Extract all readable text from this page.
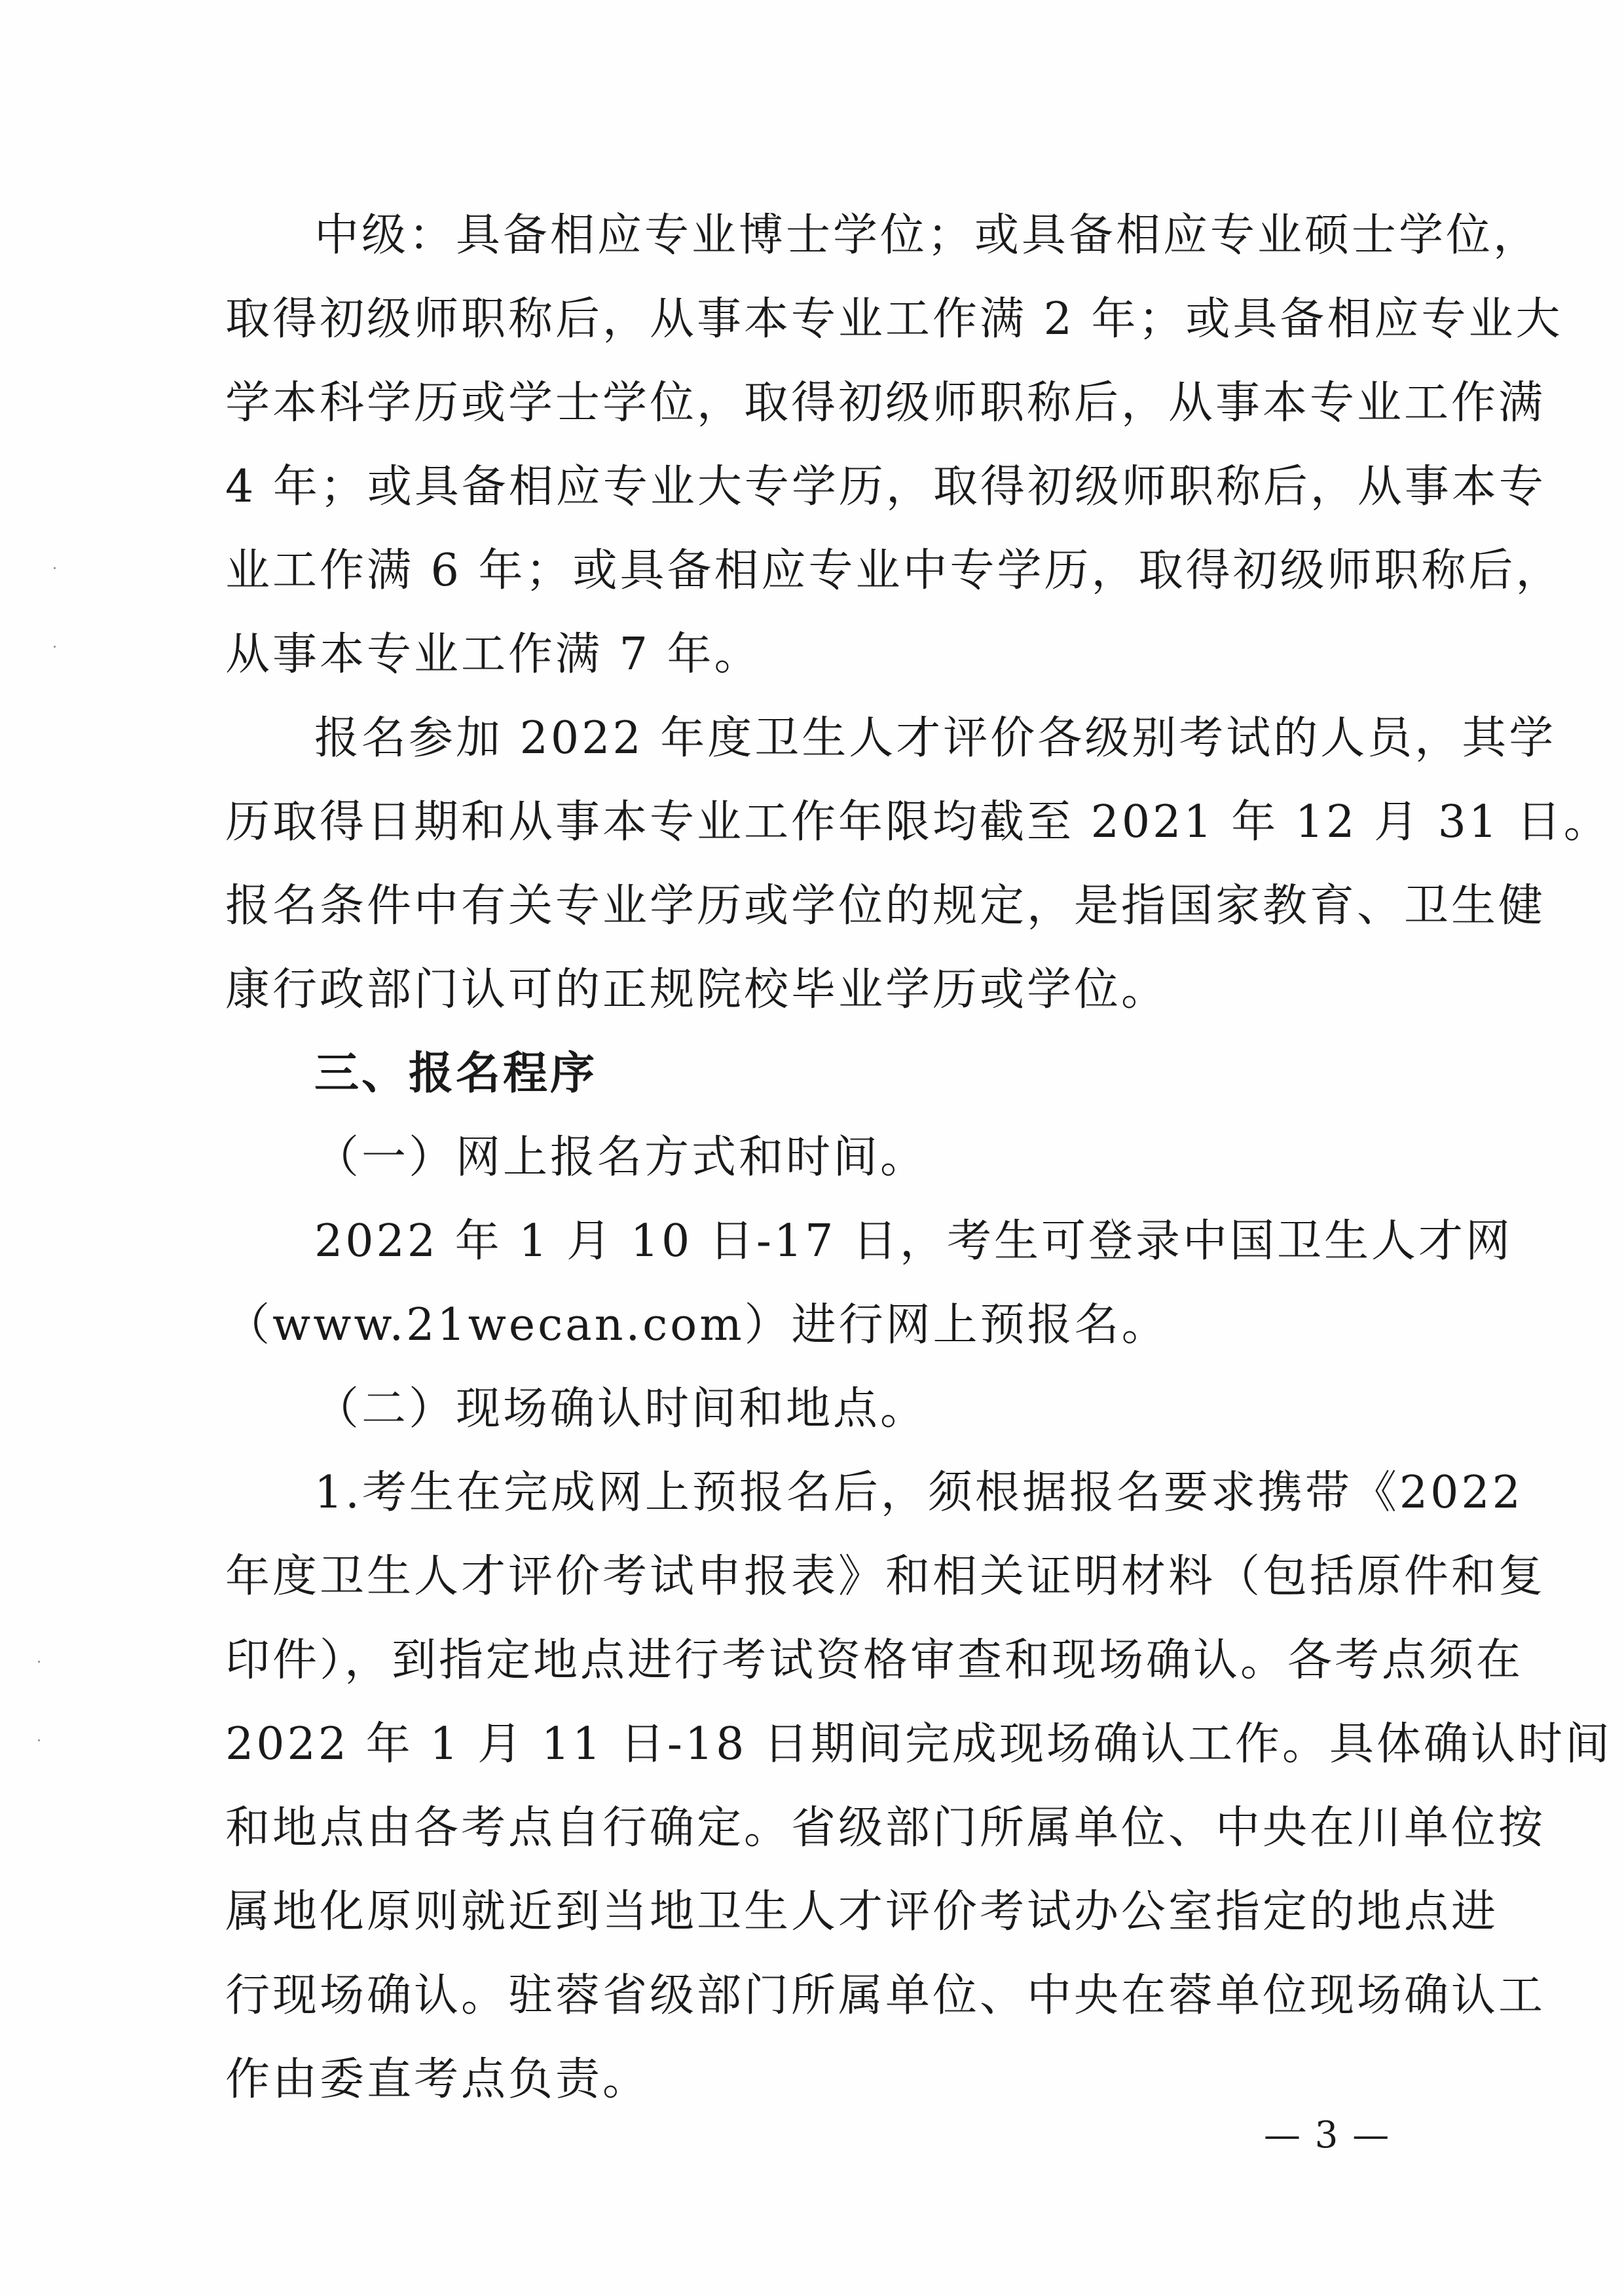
中级：具备相应专业博士学位；或具备相应专业硕士学位，
取得初级师职称后，从事本专业工作满 2 年；或具备相应专业大
学本科学历或学士学位，取得初级师职称后，从事本专业工作满
4 年；或具备相应专业大专学历，取得初级师职称后，从事本专
业工作满 6 年；或具备相应专业中专学历，取得初级师职称后，
从事本专业工作满 7 年。
报名参加 2022 年度卫生人才评价各级别考试的人员，其学
历取得日期和从事本专业工作年限均截至 2021 年 12 月 31 日。
报名条件中有关专业学历或学位的规定，是指国家教育、卫生健
康行政部门认可的正规院校毕业学历或学位。
三、报名程序
（一）网上报名方式和时间。
2022 年 1 月 10 日-17 日，考生可登录中国卫生人才网
（www.21wecan.com）进行网上预报名。
（二）现场确认时间和地点。
1.考生在完成网上预报名后，须根据报名要求携带《2022
年度卫生人才评价考试申报表》和相关证明材料（包括原件和复
印件），到指定地点进行考试资格审查和现场确认。各考点须在
2022 年 1 月 11 日-18 日期间完成现场确认工作。具体确认时间
和地点由各考点自行确定。省级部门所属单位、中央在川单位按
属地化原则就近到当地卫生人才评价考试办公室指定的地点进
行现场确认。驻蓉省级部门所属单位、中央在蓉单位现场确认工
作由委直考点负责。
— 3 —
